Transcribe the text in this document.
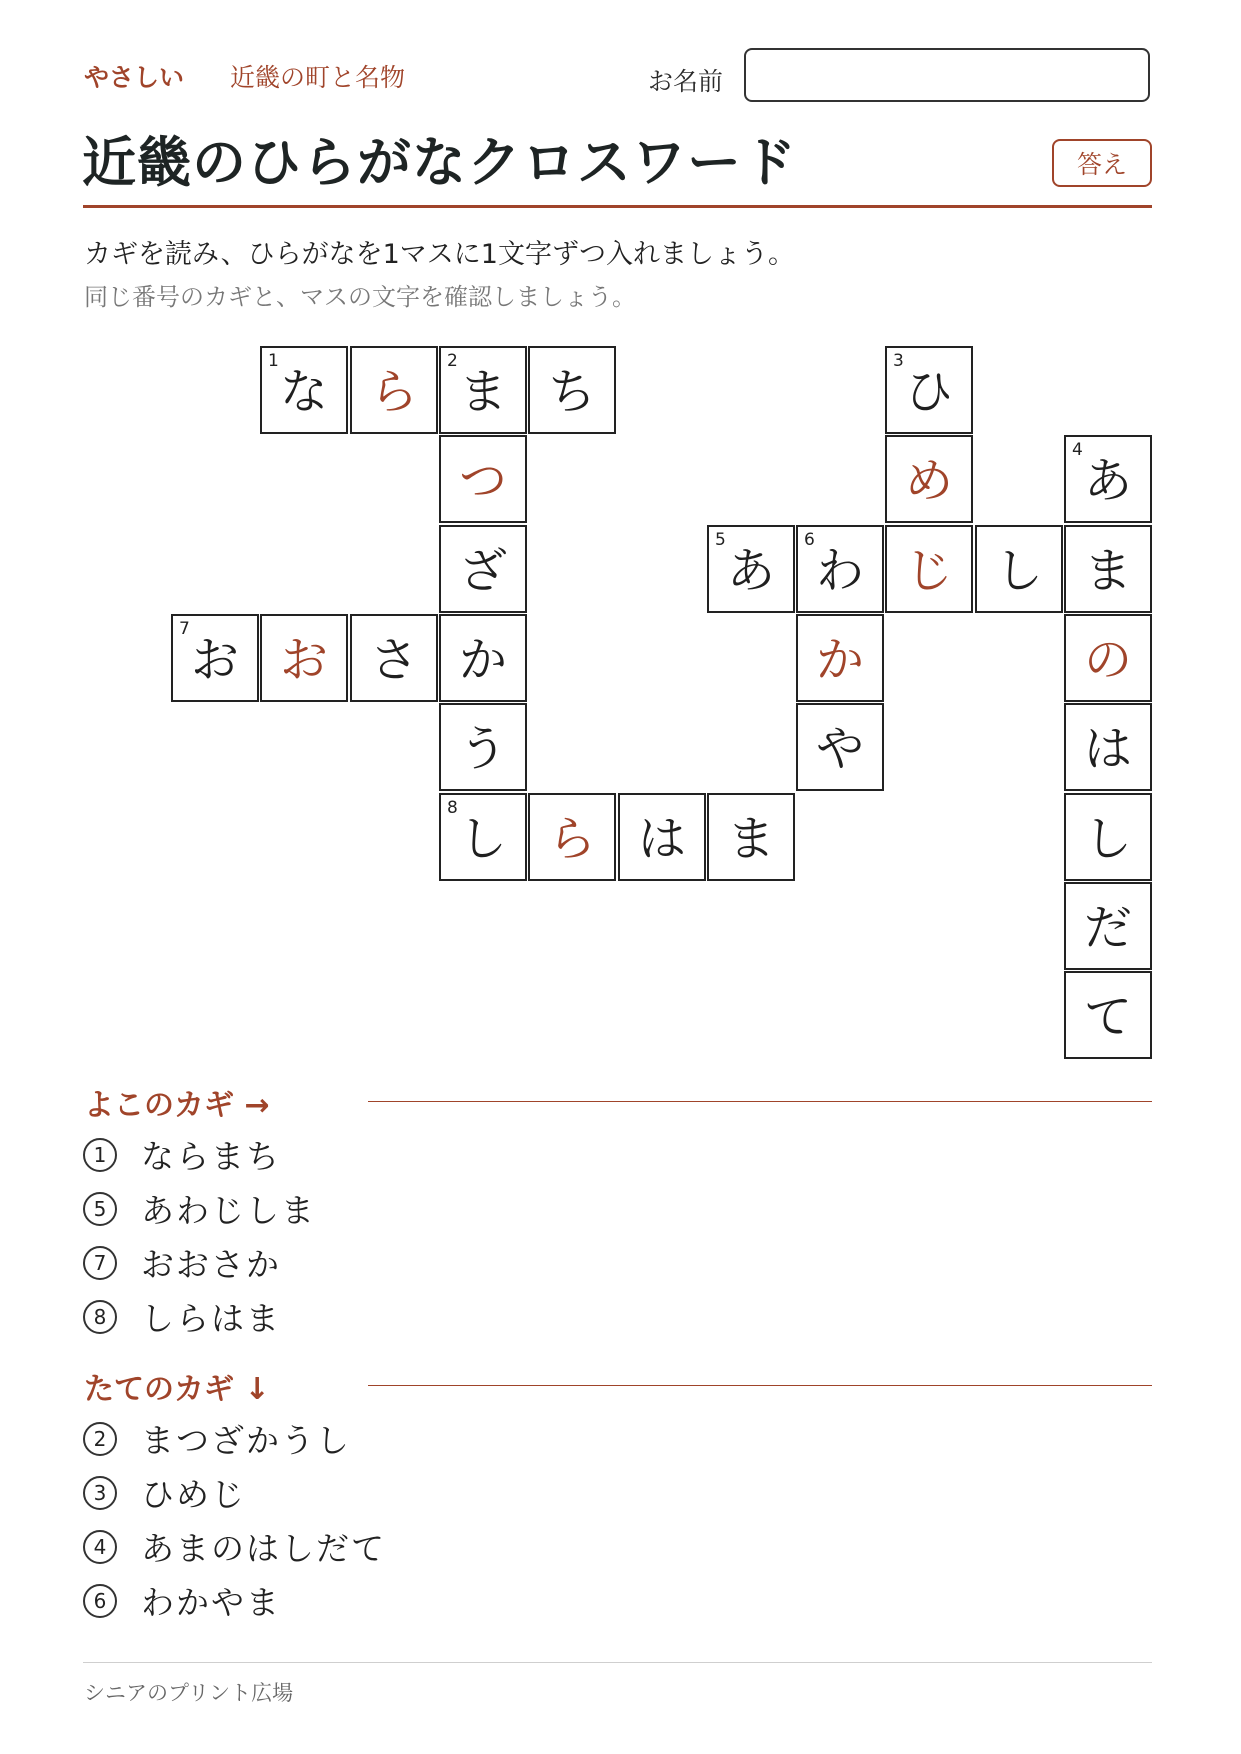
やさしい 近畿の町と名物	お名前
近畿のひらがなクロスワード	答え
カギを読み、ひらがなを1マスに1文字ずつ入れましょう。
同じ番号のカギと、マスの文字を確認しましょう。
1
な ら
2
ま ち
3
ひ
つ	め
4
あ
ざ
5
あ
6
わ じ し ま
7
お お さ か	か	の
う	や	は
8
し ら は ま	し
だ
て
よこのカギ →
1	ならまち
5	あわじしま
7	おおさか
8	しらはま
たてのカギ ↓
2	まつざかうし
3	ひめじ
4	あまのはしだて
6	わかやま
シニアのプリント広場
